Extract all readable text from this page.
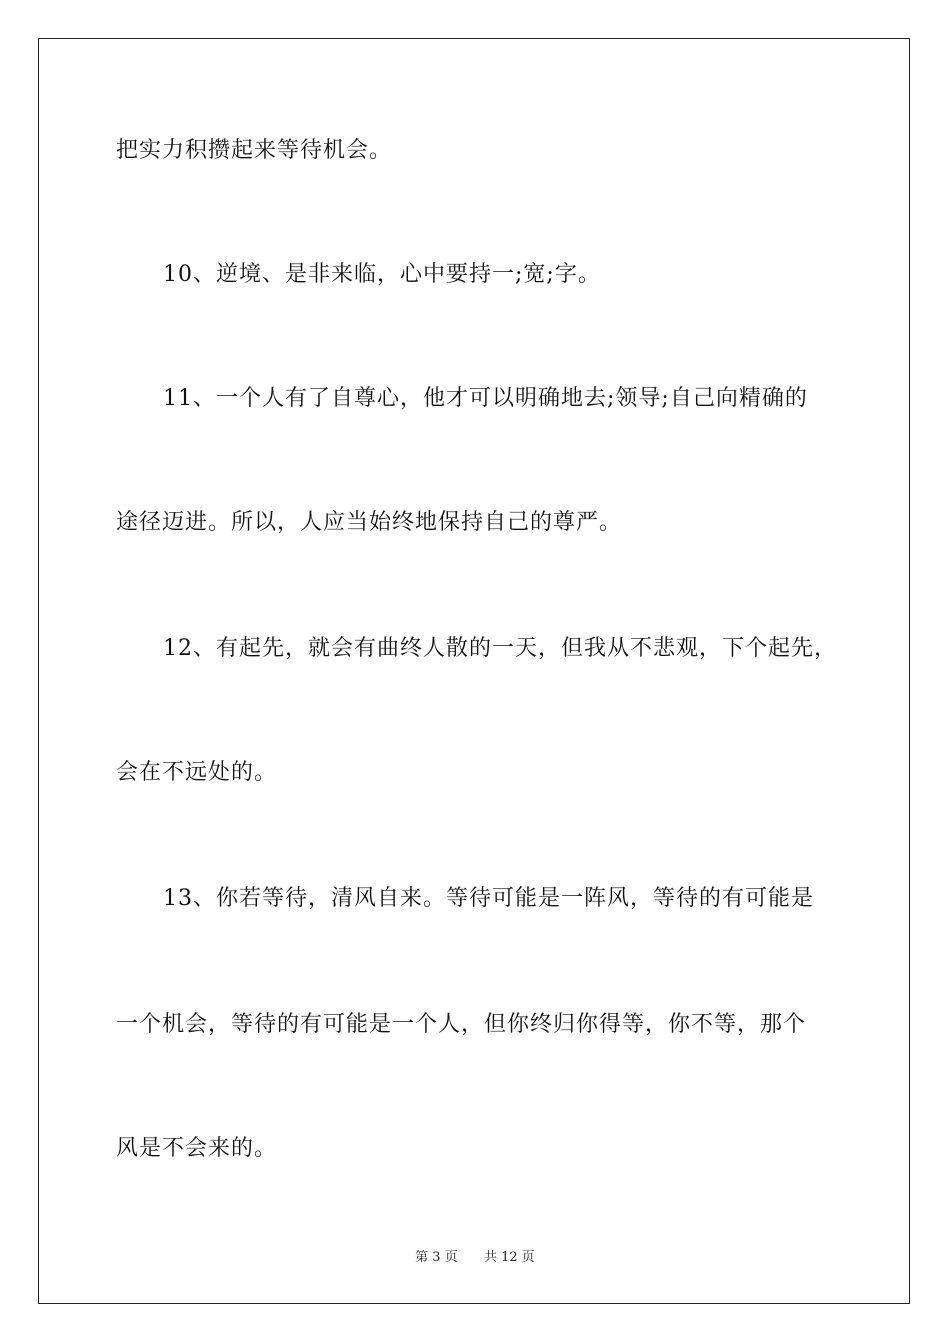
把实力积攒起来等待机会。
10、逆境、是非来临，心中要持一;宽;字。
11、一个人有了自尊心，他才可以明确地去;领导;自己向精确的
途径迈进。所以，人应当始终地保持自己的尊严。
12、有起先，就会有曲终人散的一天，但我从不悲观，下个起先，
会在不远处的。
13、你若等待，清风自来。等待可能是一阵风，等待的有可能是
一个机会，等待的有可能是一个人，但你终归你得等，你不等，那个
风是不会来的。
第 3 页 共 12 页
